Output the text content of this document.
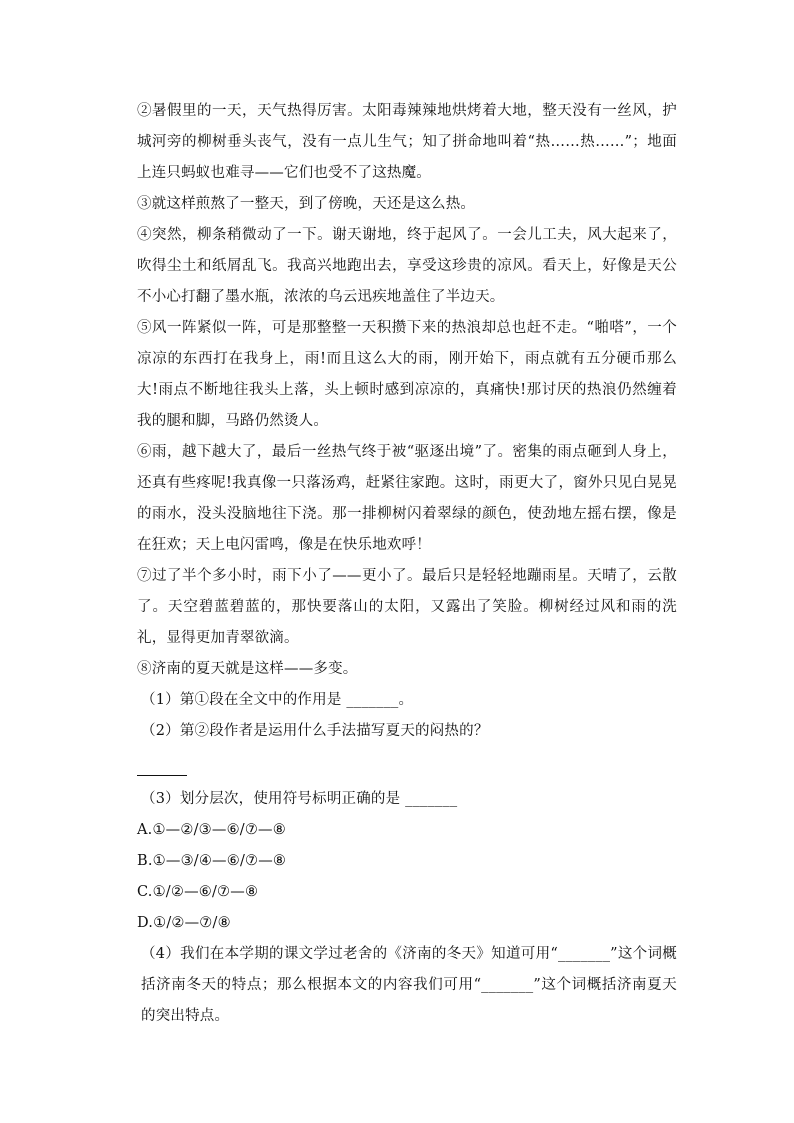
②暑假里的一天，天气热得厉害。太阳毒辣辣地烘烤着大地，整天没有一丝风，护城河旁的柳树垂头丧气，没有一点儿生气；知了拼命地叫着“热……热……”；地面上连只蚂蚁也难寻——它们也受不了这热魔。

③就这样煎熬了一整天，到了傍晚，天还是这么热。

④突然，柳条稍微动了一下。谢天谢地，终于起风了。一会儿工夫，风大起来了，吹得尘土和纸屑乱飞。我高兴地跑出去，享受这珍贵的凉风。看天上，好像是天公不小心打翻了墨水瓶，浓浓的乌云迅疾地盖住了半边天。

⑤风一阵紧似一阵，可是那整整一天积攒下来的热浪却总也赶不走。“啪嗒”，一个凉凉的东西打在我身上，雨!而且这么大的雨，刚开始下，雨点就有五分硬币那么大!雨点不断地往我头上落，头上顿时感到凉凉的，真痛快!那讨厌的热浪仍然缠着我的腿和脚，马路仍然烫人。

⑥雨，越下越大了，最后一丝热气终于被“驱逐出境”了。密集的雨点砸到人身上，还真有些疼呢!我真像一只落汤鸡，赶紧往家跑。这时，雨更大了，窗外只见白晃晃的雨水，没头没脑地往下浇。那一排柳树闪着翠绿的颜色，使劲地左摇右摆，像是在狂欢；天上电闪雷鸣，像是在快乐地欢呼！

⑦过了半个多小时，雨下小了——更小了。最后只是轻轻地蹦雨星。天晴了，云散了。天空碧蓝碧蓝的，那快要落山的太阳，又露出了笑脸。柳树经过风和雨的洗礼，显得更加青翠欲滴。

⑧济南的夏天就是这样——多变。

（1）第①段在全文中的作用是 _______。

（2）第②段作者是运用什么手法描写夏天的闷热的？

（3）划分层次，使用符号标明正确的是 _______

A.①—②/③—⑥/⑦—⑧

B.①—③/④—⑥/⑦—⑧

C.①/②—⑥/⑦—⑧

D.①/②—⑦/⑧

（4）我们在本学期的课文学过老舍的《济南的冬天》知道可用“_______”这个词概括济南冬天的特点；那么根据本文的内容我们可用“_______”这个词概括济南夏天的突出特点。
